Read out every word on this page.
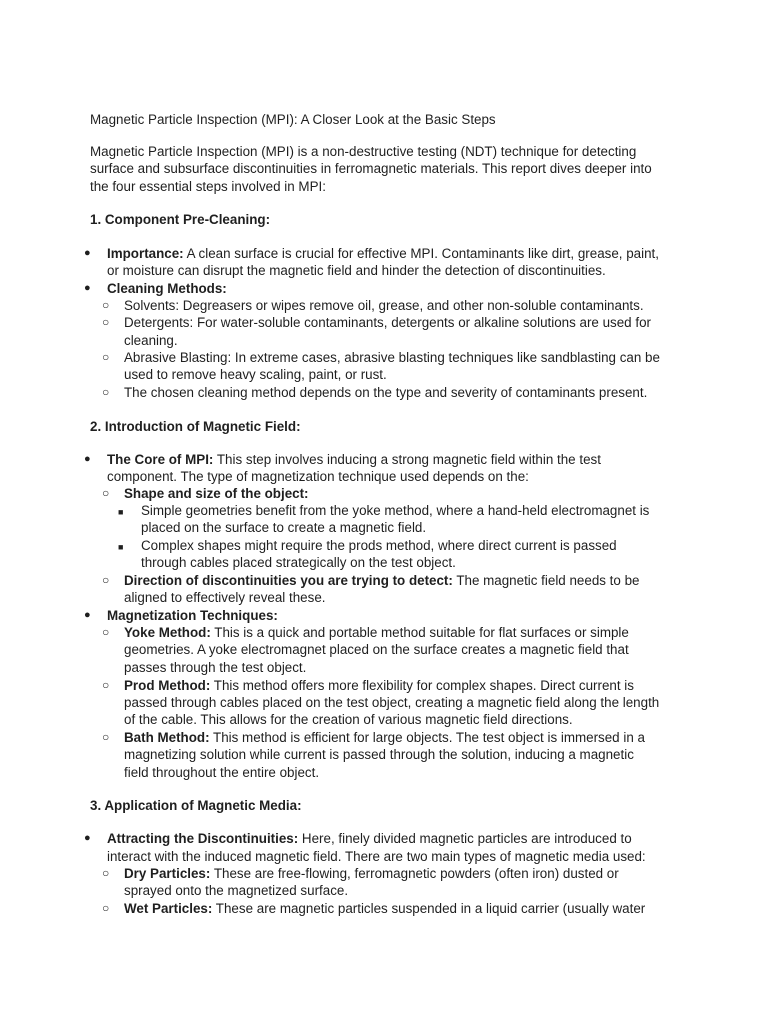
Magnetic Particle Inspection (MPI): A Closer Look at the Basic Steps
Magnetic Particle Inspection (MPI) is a non-destructive testing (NDT) technique for detecting
surface and subsurface discontinuities in ferromagnetic materials. This report dives deeper into
the four essential steps involved in MPI:
1. Component Pre-Cleaning:
● Importance: A clean surface is crucial for effective MPI. Contaminants like dirt, grease, paint,
or moisture can disrupt the magnetic field and hinder the detection of discontinuities.
● Cleaning Methods:
○ Solvents: Degreasers or wipes remove oil, grease, and other non-soluble contaminants.
○ Detergents: For water-soluble contaminants, detergents or alkaline solutions are used for
cleaning.
○ Abrasive Blasting: In extreme cases, abrasive blasting techniques like sandblasting can be
used to remove heavy scaling, paint, or rust.
○ The chosen cleaning method depends on the type and severity of contaminants present.
2. Introduction of Magnetic Field:
● The Core of MPI: This step involves inducing a strong magnetic field within the test
component. The type of magnetization technique used depends on the:
○ Shape and size of the object:
■ Simple geometries benefit from the yoke method, where a hand-held electromagnet is
placed on the surface to create a magnetic field.
■ Complex shapes might require the prods method, where direct current is passed
through cables placed strategically on the test object.
○ Direction of discontinuities you are trying to detect: The magnetic field needs to be
aligned to effectively reveal these.
● Magnetization Techniques:
○ Yoke Method: This is a quick and portable method suitable for flat surfaces or simple
geometries. A yoke electromagnet placed on the surface creates a magnetic field that
passes through the test object.
○ Prod Method: This method offers more flexibility for complex shapes. Direct current is
passed through cables placed on the test object, creating a magnetic field along the length
of the cable. This allows for the creation of various magnetic field directions.
○ Bath Method: This method is efficient for large objects. The test object is immersed in a
magnetizing solution while current is passed through the solution, inducing a magnetic
field throughout the entire object.
3. Application of Magnetic Media:
● Attracting the Discontinuities: Here, finely divided magnetic particles are introduced to
interact with the induced magnetic field. There are two main types of magnetic media used:
○ Dry Particles: These are free-flowing, ferromagnetic powders (often iron) dusted or
sprayed onto the magnetized surface.
○ Wet Particles: These are magnetic particles suspended in a liquid carrier (usually water
